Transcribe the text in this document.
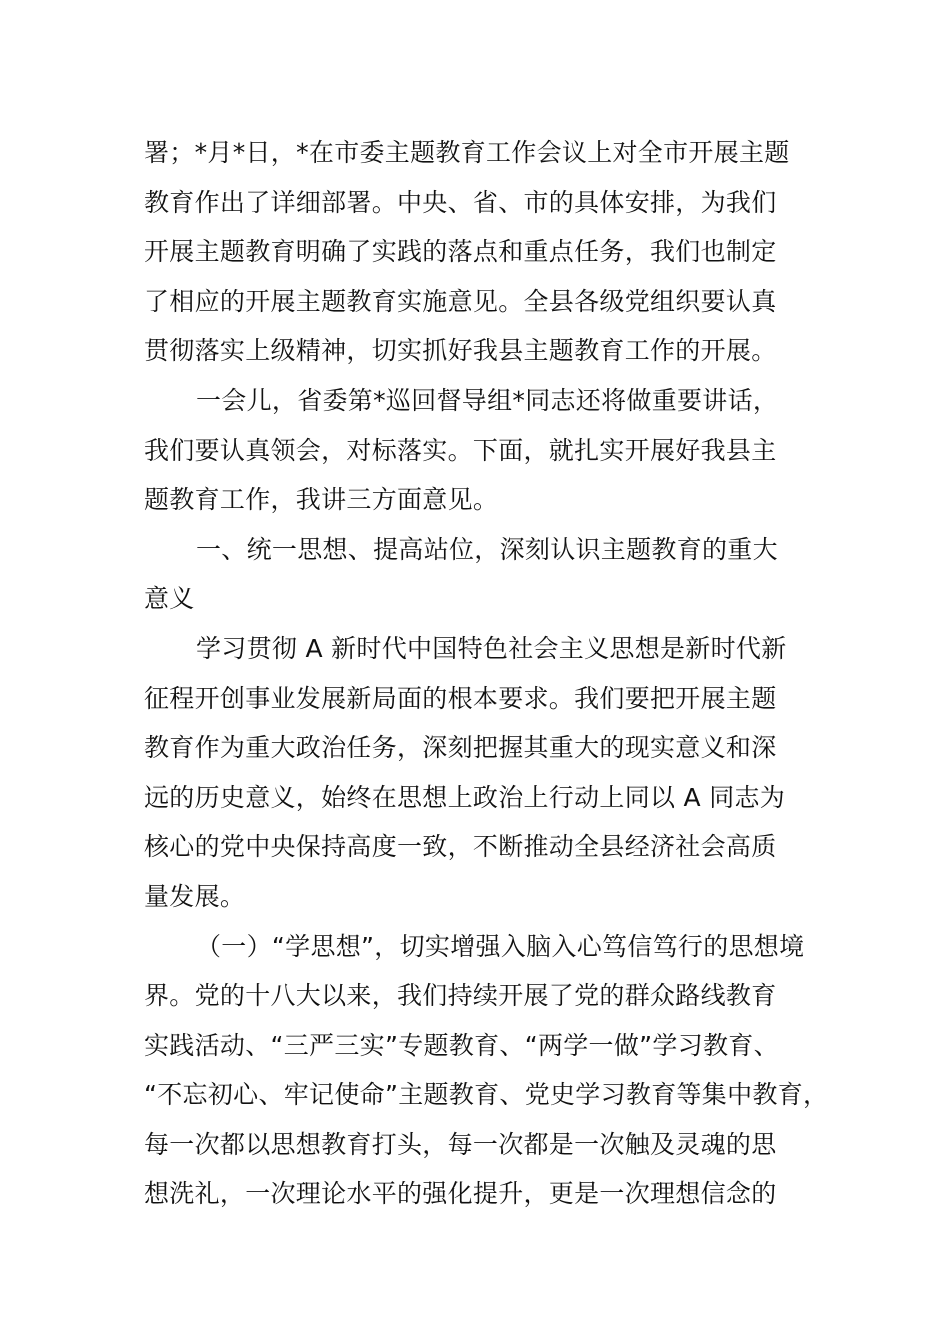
署；*月*日，*在市委主题教育工作会议上对全市开展主题
教育作出了详细部署。中央、省、市的具体安排，为我们
开展主题教育明确了实践的落点和重点任务，我们也制定
了相应的开展主题教育实施意见。全县各级党组织要认真
贯彻落实上级精神，切实抓好我县主题教育工作的开展。
一会儿，省委第*巡回督导组*同志还将做重要讲话，
我们要认真领会，对标落实。下面，就扎实开展好我县主
题教育工作，我讲三方面意见。
一、统一思想、提高站位，深刻认识主题教育的重大
意义
学习贯彻 A 新时代中国特色社会主义思想是新时代新
征程开创事业发展新局面的根本要求。我们要把开展主题
教育作为重大政治任务，深刻把握其重大的现实意义和深
远的历史意义，始终在思想上政治上行动上同以 A 同志为
核心的党中央保持高度一致，不断推动全县经济社会高质
量发展。
（一）“学思想”，切实增强入脑入心笃信笃行的思想境
界。党的十八大以来，我们持续开展了党的群众路线教育
实践活动、“三严三实”专题教育、“两学一做”学习教育、
“不忘初心、牢记使命”主题教育、党史学习教育等集中教育，
每一次都以思想教育打头，每一次都是一次触及灵魂的思
想洗礼，一次理论水平的强化提升，更是一次理想信念的
